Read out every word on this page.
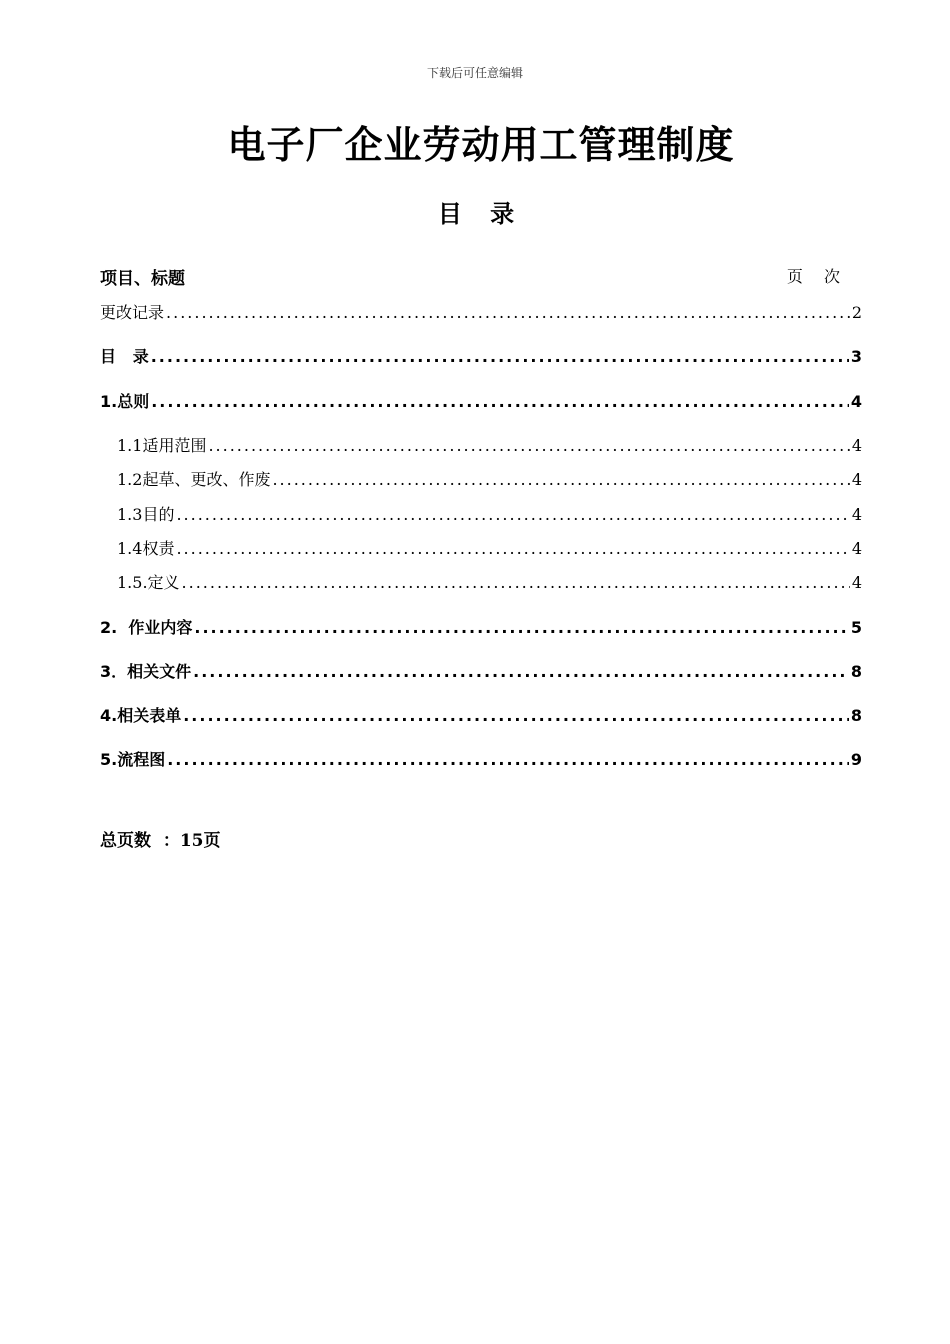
下载后可任意编辑
电子厂企业劳动用工管理制度
目 录
项目、标题	页 次
更改记录 .....	2
目   录 .....	3
1.总则 .....	4
1.1适用范围 .....	4
1.2起草、更改、作废 .....	4
1.3目的 .....	4
1.4权责 .....	4
1.5.定义 .....	4
2.  作业内容 .....	5
3．相关文件 .....	8
4.相关表单 .....	8
5.流程图 .....	9
总页数  ：15页
